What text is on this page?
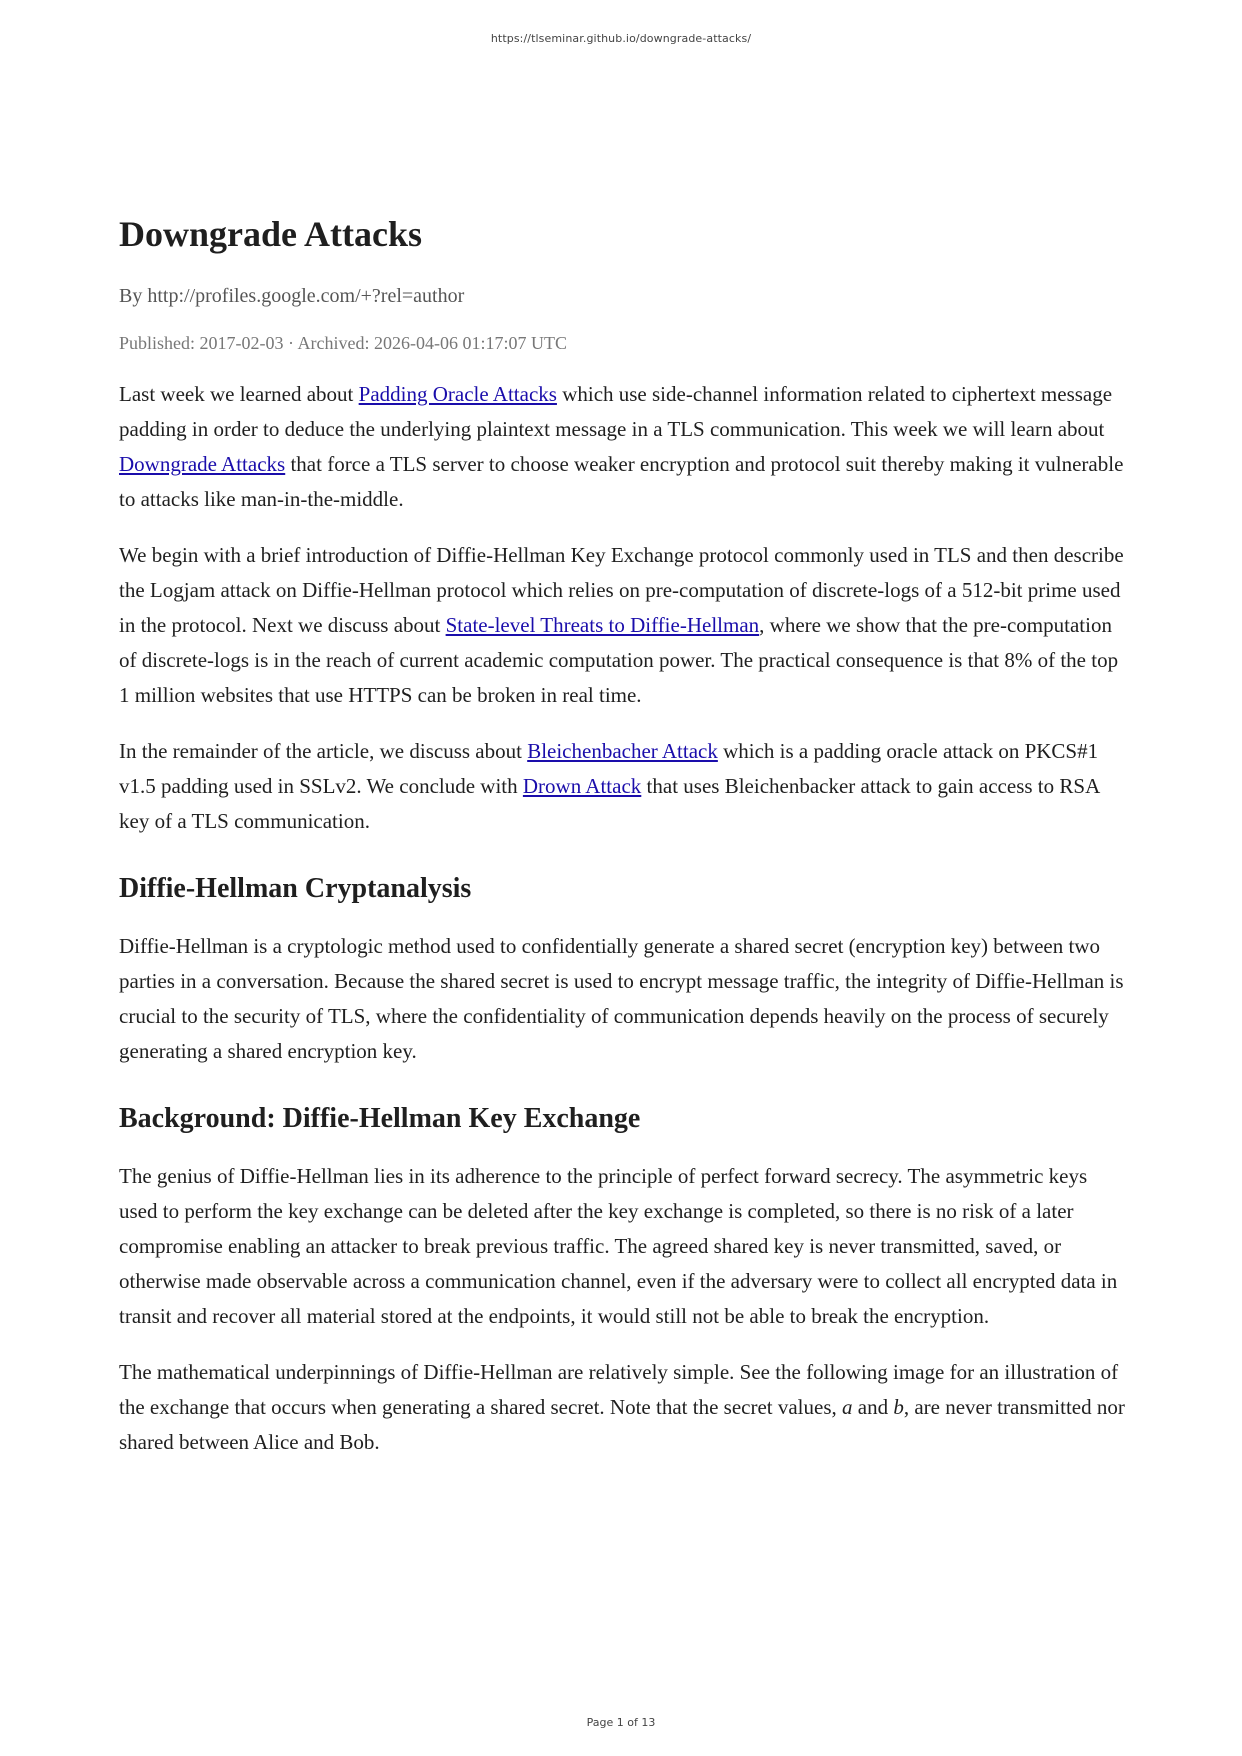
https://tlseminar.github.io/downgrade-attacks/
Downgrade Attacks
By http://profiles.google.com/+?rel=author
Published: 2017-02-03 · Archived: 2026-04-06 01:17:07 UTC

Last week we learned about Padding Oracle Attacks which use side-channel information related to ciphertext message padding in order to deduce the underlying plaintext message in a TLS communication. This week we will learn about Downgrade Attacks that force a TLS server to choose weaker encryption and protocol suit thereby making it vulnerable to attacks like man-in-the-middle.

We begin with a brief introduction of Diffie-Hellman Key Exchange protocol commonly used in TLS and then describe the Logjam attack on Diffie-Hellman protocol which relies on pre-computation of discrete-logs of a 512-bit prime used in the protocol. Next we discuss about State-level Threats to Diffie-Hellman, where we show that the pre-computation of discrete-logs is in the reach of current academic computation power. The practical consequence is that 8% of the top 1 million websites that use HTTPS can be broken in real time.

In the remainder of the article, we discuss about Bleichenbacher Attack which is a padding oracle attack on PKCS#1 v1.5 padding used in SSLv2. We conclude with Drown Attack that uses Bleichenbacker attack to gain access to RSA key of a TLS communication.

Diffie-Hellman Cryptanalysis

Diffie-Hellman is a cryptologic method used to confidentially generate a shared secret (encryption key) between two parties in a conversation. Because the shared secret is used to encrypt message traffic, the integrity of Diffie-Hellman is crucial to the security of TLS, where the confidentiality of communication depends heavily on the process of securely generating a shared encryption key.

Background: Diffie-Hellman Key Exchange

The genius of Diffie-Hellman lies in its adherence to the principle of perfect forward secrecy. The asymmetric keys used to perform the key exchange can be deleted after the key exchange is completed, so there is no risk of a later compromise enabling an attacker to break previous traffic. The agreed shared key is never transmitted, saved, or otherwise made observable across a communication channel, even if the adversary were to collect all encrypted data in transit and recover all material stored at the endpoints, it would still not be able to break the encryption.

The mathematical underpinnings of Diffie-Hellman are relatively simple. See the following image for an illustration of the exchange that occurs when generating a shared secret. Note that the secret values, a and b, are never transmitted nor shared between Alice and Bob.

Page 1 of 13
